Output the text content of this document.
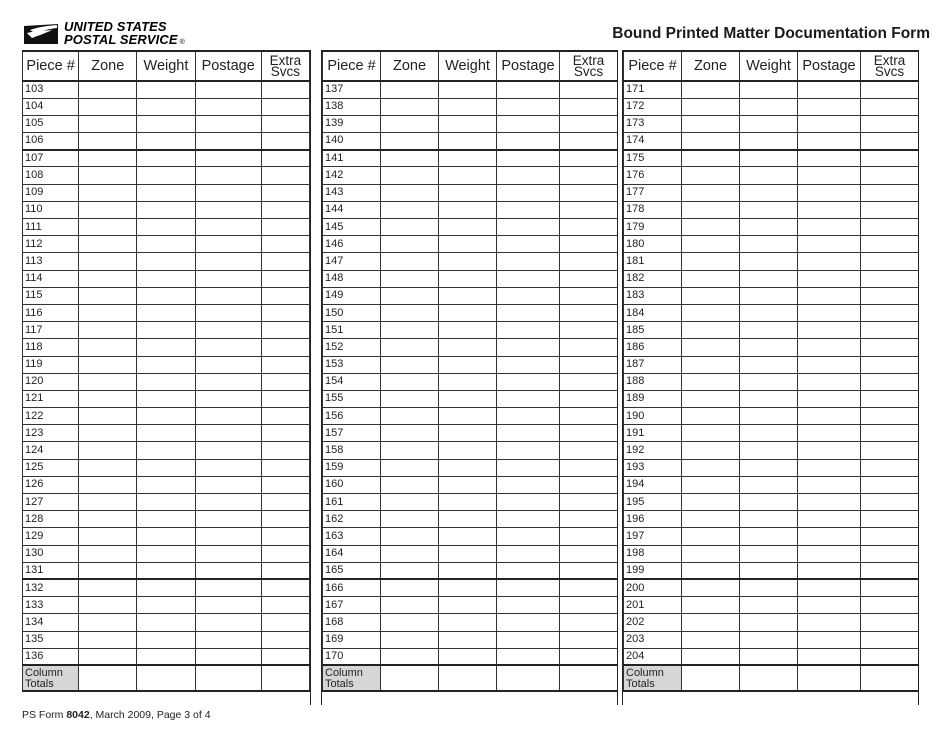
UNITED STATES
POSTAL SERVICE ®
Bound Printed Matter Documentation Form
Piece #	Zone	Weight	Postage	Extra
Svcs
103				
104				
105				
106				
107				
108				
109				
110				
111				
112				
113				
114				
115				
116				
117				
118				
119				
120				
121				
122				
123				
124				
125				
126				
127				
128				
129				
130				
131				
132				
133				
134				
135				
136				
Column
Totals				
Piece #	Zone	Weight	Postage	Extra
Svcs
137				
138				
139				
140				
141				
142				
143				
144				
145				
146				
147				
148				
149				
150				
151				
152				
153				
154				
155				
156				
157				
158				
159				
160				
161				
162				
163				
164				
165				
166				
167				
168				
169				
170				
Column
Totals				
Piece #	Zone	Weight	Postage	Extra
Svcs
171				
172				
173				
174				
175				
176				
177				
178				
179				
180				
181				
182				
183				
184				
185				
186				
187				
188				
189				
190				
191				
192				
193				
194				
195				
196				
197				
198				
199				
200				
201				
202				
203				
204				
Column
Totals				
PS Form 8042, March 2009, Page 3 of 4
